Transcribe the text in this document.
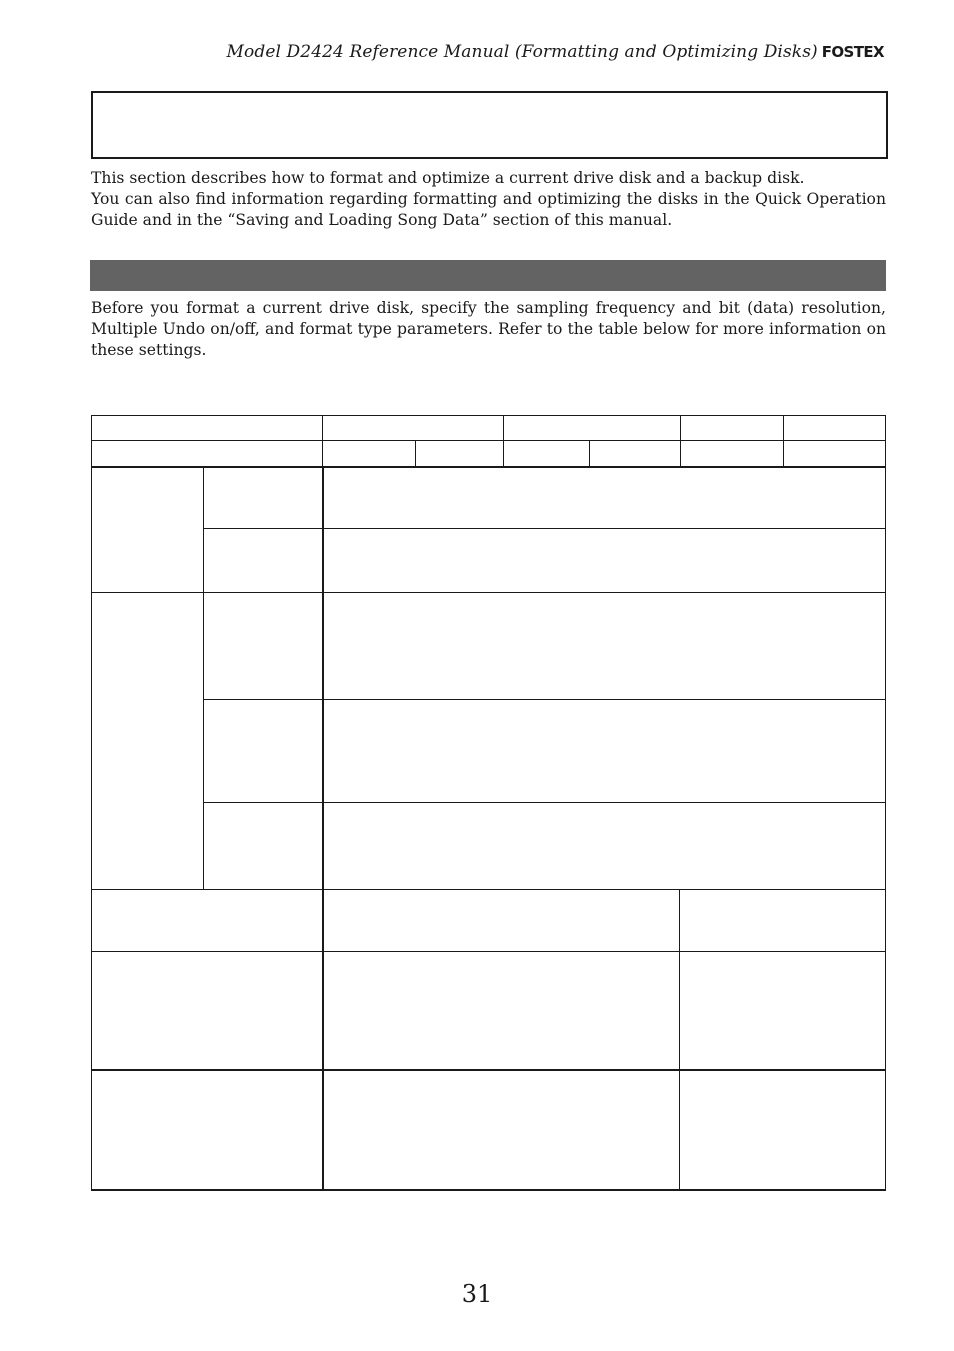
Model D2424 Reference Manual (Formatting and Optimizing Disks) FOSTEX

This section describes how to format and optimize a current drive disk and a backup disk.

You can also find information regarding formatting and optimizing the disks in the Quick Operation Guide and in the “Saving and Loading Song Data” section of this manual.

Before you format a current drive disk, specify the sampling frequency and bit (data) resolution, Multiple Undo on/off, and format type parameters. Refer to the table below for more information on these settings.

31
